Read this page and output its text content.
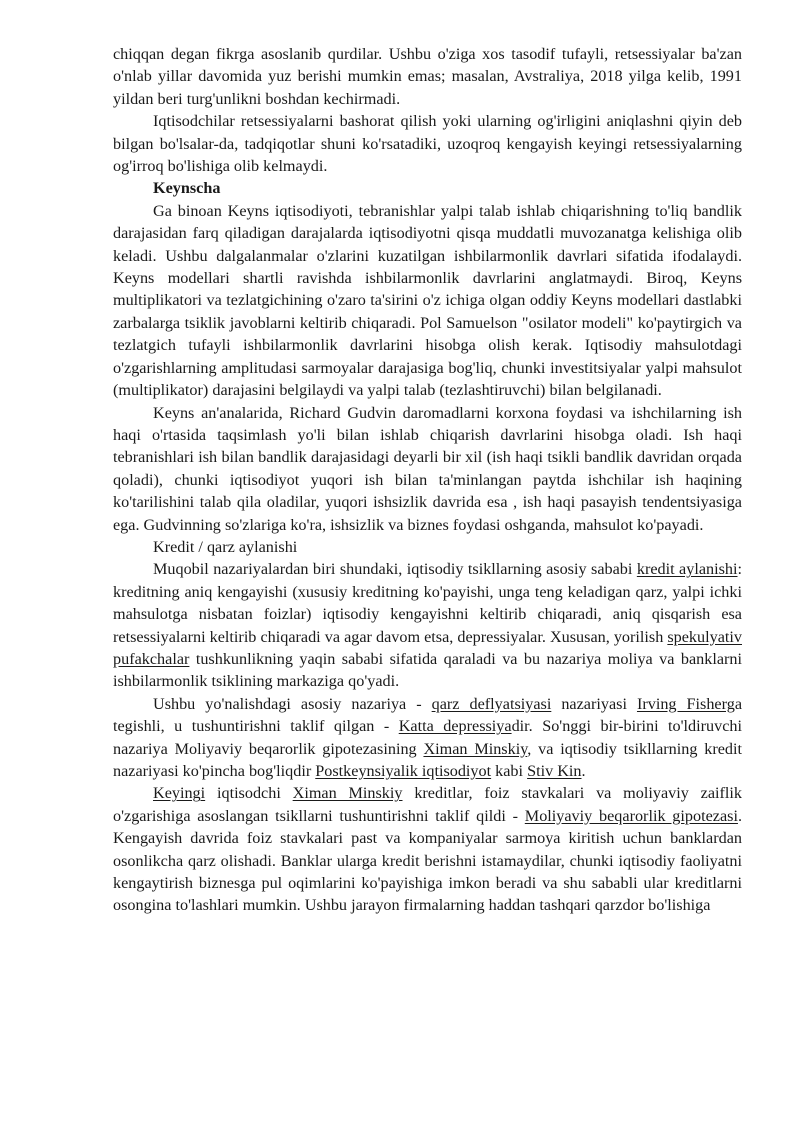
chiqqan degan fikrga asoslanib qurdilar. Ushbu o'ziga xos tasodif tufayli, retsessiyalar ba'zan o'nlab yillar davomida yuz berishi mumkin emas; masalan, Avstraliya, 2018 yilga kelib, 1991 yildan beri turg'unlikni boshdan kechirmadi.

Iqtisodchilar retsessiyalarni bashorat qilish yoki ularning og'irligini aniqlashni qiyin deb bilgan bo'lsalar-da, tadqiqotlar shuni ko'rsatadiki, uzoqroq kengayish keyingi retsessiyalarning og'irroq bo'lishiga olib kelmaydi.

Keynscha

Ga binoan Keyns iqtisodiyoti, tebranishlar yalpi talab ishlab chiqarishning to'liq bandlik darajasidan farq qiladigan darajalarda iqtisodiyotni qisqa muddatli muvozanatga kelishiga olib keladi. Ushbu dalgalanmalar o'zlarini kuzatilgan ishbilarmonlik davrlari sifatida ifodalaydi. Keyns modellari shartli ravishda ishbilarmonlik davrlarini anglatmaydi. Biroq, Keyns multiplikatori va tezlatgichining o'zaro ta'sirini o'z ichiga olgan oddiy Keyns modellari dastlabki zarbalarga tsiklik javoblarni keltirib chiqaradi. Pol Samuelson "osilator modeli" ko'paytirgich va tezlatgich tufayli ishbilarmonlik davrlarini hisobga olish kerak. Iqtisodiy mahsulotdagi o'zgarishlarning amplitudasi sarmoyalar darajasiga bog'liq, chunki investitsiyalar yalpi mahsulot (multiplikator) darajasini belgilaydi va yalpi talab (tezlashtiruvchi) bilan belgilanadi.

Keyns an'analarida, Richard Gudvin daromadlarni korxona foydasi va ishchilarning ish haqi o'rtasida taqsimlash yo'li bilan ishlab chiqarish davrlarini hisobga oladi. Ish haqi tebranishlari ish bilan bandlik darajasidagi deyarli bir xil (ish haqi tsikli bandlik davridan orqada qoladi), chunki iqtisodiyot yuqori ish bilan ta'minlangan paytda ishchilar ish haqining ko'tarilishini talab qila oladilar, yuqori ishsizlik davrida esa , ish haqi pasayish tendentsiyasiga ega. Gudvinning so'zlariga ko'ra, ishsizlik va biznes foydasi oshganda, mahsulot ko'payadi.

Kredit / qarz aylanishi

Muqobil nazariyalardan biri shundaki, iqtisodiy tsikllarning asosiy sababi kredit aylanishi: kreditning aniq kengayishi (xususiy kreditning ko'payishi, unga teng keladigan qarz, yalpi ichki mahsulotga nisbatan foizlar) iqtisodiy kengayishni keltirib chiqaradi, aniq qisqarish esa retsessiyalarni keltirib chiqaradi va agar davom etsa, depressiyalar. Xususan, yorilish spekulyativ pufakchalar tushkunlikning yaqin sababi sifatida qaraladi va bu nazariya moliya va banklarni ishbilarmonlik tsiklining markaziga qo'yadi.

Ushbu yo'nalishdagi asosiy nazariya - qarz deflyatsiyasi nazariyasi Irving Fisherga tegishli, u tushuntirishni taklif qilgan - Katta depressiyadir. So'nggi bir-birini to'ldiruvchi nazariya Moliyaviy beqarorlik gipotezasining Ximan Minskiy, va iqtisodiy tsikllarning kredit nazariyasi ko'pincha bog'liqdir Postkeynsiyalik iqtisodiyot kabi Stiv Kin.

Keyingi iqtisodchi Ximan Minskiy kreditlar, foiz stavkalari va moliyaviy zaiflik o'zgarishiga asoslangan tsikllarni tushuntirishni taklif qildi - Moliyaviy beqarorlik gipotezasi. Kengayish davrida foiz stavkalari past va kompaniyalar sarmoya kiritish uchun banklardan osonlikcha qarz olishadi. Banklar ularga kredit berishni istamaydilar, chunki iqtisodiy faoliyatni kengaytirish biznesga pul oqimlarini ko'payishiga imkon beradi va shu sababli ular kreditlarni osongina to'lashlari mumkin. Ushbu jarayon firmalarning haddan tashqari qarzdor bo'lishiga
